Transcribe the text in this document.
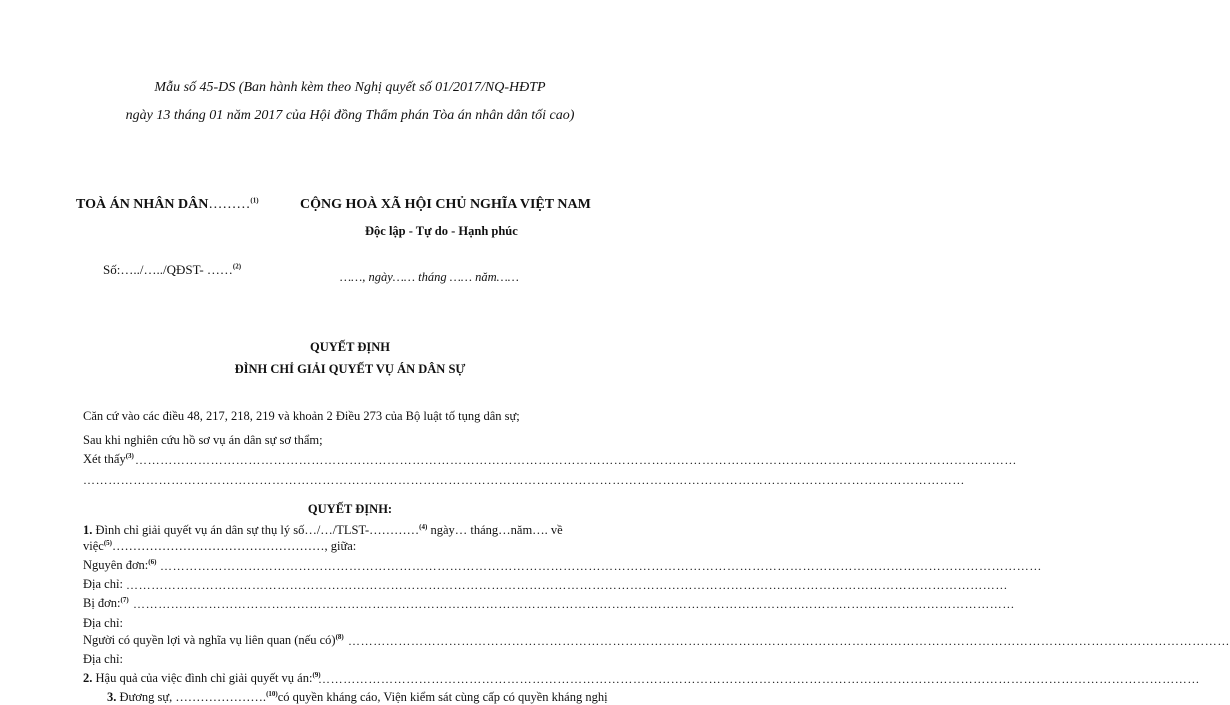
Mẫu số 45-DS (Ban hành kèm theo Nghị quyết số 01/2017/NQ-HĐTP
ngày 13 tháng 01 năm 2017 của Hội đồng Thẩm phán Tòa án nhân dân tối cao)
TOÀ ÁN NHÂN DÂN………$^{(1)}$
Số:…../…../QĐST- ……$^{(2)}$
CỘNG HOÀ XÃ HỘI CHỦ NGHĨA VIỆT NAM
Độc lập - Tự do - Hạnh phúc
……, ngày…… tháng …… năm……
QUYẾT ĐỊNH
ĐÌNH CHỈ GIẢI QUYẾT VỤ ÁN DÂN SỰ
Căn cứ vào các điều 48, 217, 218, 219 và khoản 2 Điều 273 của Bộ luật tố tụng dân sự;
Sau khi nghiên cứu hồ sơ vụ án dân sự sơ thẩm;
Xét thấy$^{(3)}$ …………………………………………………………………………………………………………………………………………………………………………………………
…………………………………………………………………………………………………………………………………………………………………………………………
QUYẾT ĐỊNH:
1. Đình chỉ giải quyết vụ án dân sự thụ lý số…/…/TLST-…………$^{(4)}$ ngày… tháng…năm…. về
việc$^{(5)}$……………………………………………, giữa:
Nguyên đơn:$^{(6)}$ …………………………………………………………………………………………………………………………………………………………………………………………
Địa chỉ: …………………………………………………………………………………………………………………………………………………………………………………………
Bị đơn:$^{(7)}$ …………………………………………………………………………………………………………………………………………………………………………………………
Địa chỉ:
Người có quyền lợi và nghĩa vụ liên quan (nếu có)$^{(8)}$ …………………………………………………………………………………………………………………………………………………………………………………………
Địa chỉ:
2. Hậu quả của việc đình chỉ giải quyết vụ án:$^{(9)}$
…………………………………………………………………………………………………………………………………………………………………………………………
3. Đương sự, ………………….$^{(10)}$có quyền kháng cáo, Viện kiểm sát cùng cấp có quyền kháng nghị
